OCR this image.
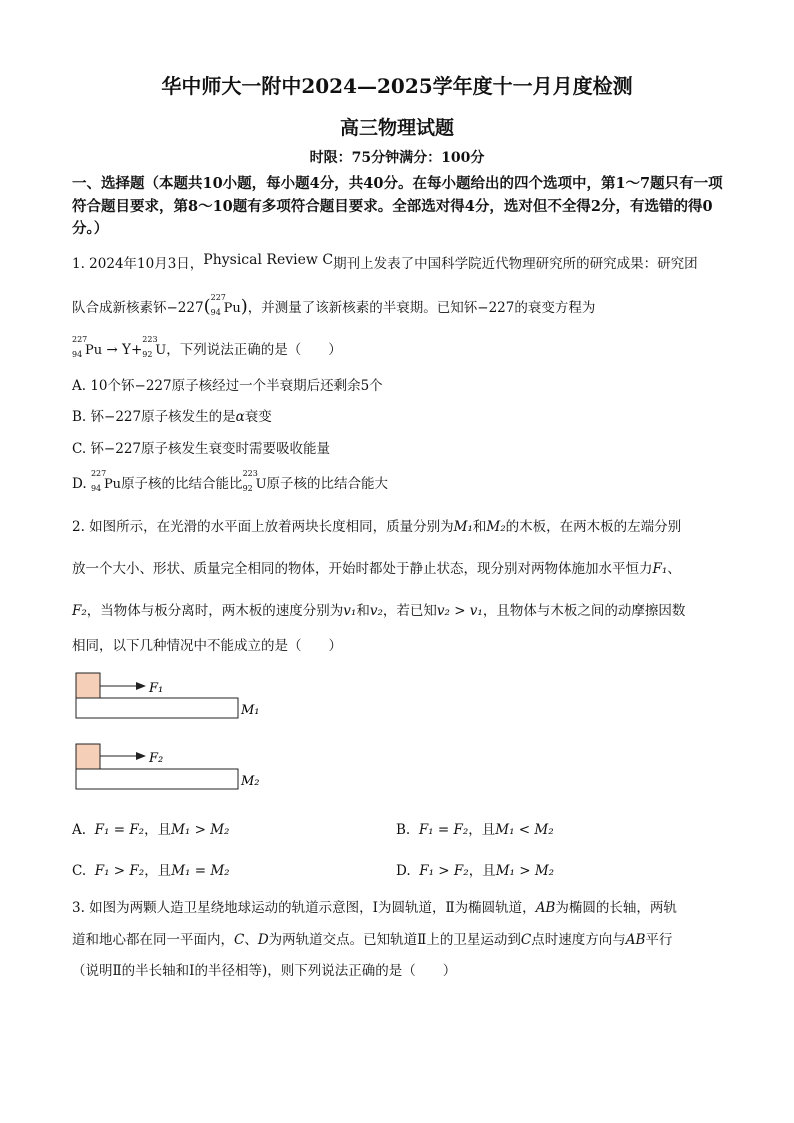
华中师大一附中2024—2025学年度十一月月度检测
高三物理试题
时限：75分钟满分：100分
一、选择题（本题共10小题，每小题4分，共40分。在每小题给出的四个选项中，第1～7题只有一项符合题目要求，第8～10题有多项符合题目要求。全部选对得4分，选对但不全得2分，有选错的得0分。）
1. 2024年10月3日，Physical Review C期刊上发表了中国科学院近代物理研究所的研究成果：研究团
队合成新核素钚−227( 227
94 Pu)，并测量了该新核素的半衰期。已知钚−227的衰变方程为
227
94 Pu → Y+
223
92 U，下列说法正确的是（　　）
A. 10个钚−227原子核经过一个半衰期后还剩余5个
B. 钚−227原子核发生的是α衰变
C. 钚−227原子核发生衰变时需要吸收能量
D.
227
94 Pu原子核的比结合能比
223
92 U原子核的比结合能大
2. 如图所示，在光滑的水平面上放着两块长度相同，质量分别为M₁和M₂的木板，在两木板的左端分别
放一个大小、形状、质量完全相同的物体，开始时都处于静止状态，现分别对两物体施加水平恒力F₁、
F₂，当物体与板分离时，两木板的速度分别为v₁和v₂，若已知v₂ > v₁，且物体与木板之间的动摩擦因数
相同，以下几种情况中不能成立的是（　　）
F₁
M₁
F₂
M₂
A. F₁ = F₂，且M₁ > M₂	B. F₁ = F₂，且M₁ < M₂
C. F₁ > F₂，且M₁ = M₂	D. F₁ > F₂，且M₁ > M₂
3. 如图为两颗人造卫星绕地球运动的轨道示意图，Ⅰ为圆轨道，Ⅱ为椭圆轨道，AB为椭圆的长轴，两轨
道和地心都在同一平面内，C、D为两轨道交点。已知轨道Ⅱ上的卫星运动到C点时速度方向与AB平行
（说明Ⅱ的半长轴和Ⅰ的半径相等)，则下列说法正确的是（　　）
